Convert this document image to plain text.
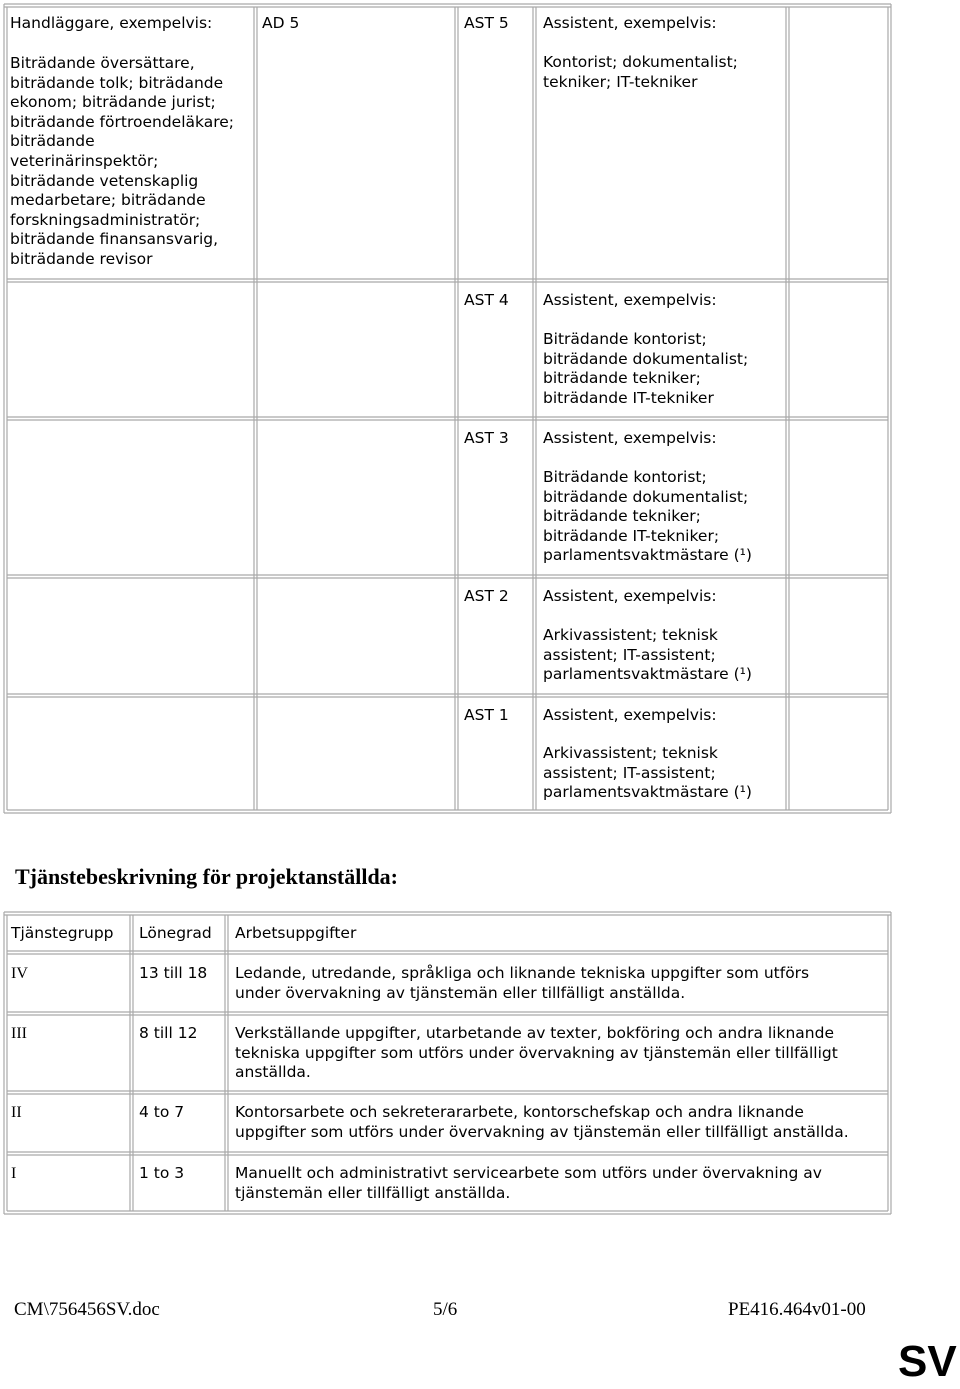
Handläggare, exempelvis:
Biträdande översättare,
biträdande tolk; biträdande
ekonom; biträdande jurist;
biträdande förtroendeläkare;
biträdande
veterinärinspektör;
biträdande vetenskaplig
medarbetare; biträdande
forskningsadministratör;
biträdande finansansvarig,
biträdande revisor
AD 5	AST 5 Assistent, exempelvis:
Kontorist; dokumentalist;
tekniker; IT-tekniker
AST 4 Assistent, exempelvis:
Biträdande kontorist;
biträdande dokumentalist;
biträdande tekniker;
biträdande IT-tekniker
AST 3 Assistent, exempelvis:
Biträdande kontorist;
biträdande dokumentalist;
biträdande tekniker;
biträdande IT-tekniker;
parlamentsvaktmästare (¹)
AST 2 Assistent, exempelvis:
Arkivassistent; teknisk
assistent; IT-assistent;
parlamentsvaktmästare (¹)
AST 1 Assistent, exempelvis:
Arkivassistent; teknisk
assistent; IT-assistent;
parlamentsvaktmästare (¹)
Tjänstebeskrivning för projektanställda:
Tjänstegrupp Lönegrad Arbetsuppgifter
IV	13 till 18 Ledande, utredande, språkliga och liknande tekniska uppgifter som utförs
under övervakning av tjänstemän eller tillfälligt anställda.
III	8 till 12 Verkställande uppgifter, utarbetande av texter, bokföring och andra liknande
tekniska uppgifter som utförs under övervakning av tjänstemän eller tillfälligt
anställda.
II	4 to 7	Kontorsarbete och sekreterararbete, kontorschefskap och andra liknande
uppgifter som utförs under övervakning av tjänstemän eller tillfälligt anställda.
I	1 to 3	Manuellt och administrativt servicearbete som utförs under övervakning av
tjänstemän eller tillfälligt anställda.
CM\756456SV.doc	5/6	PE416.464v01-00
SV
